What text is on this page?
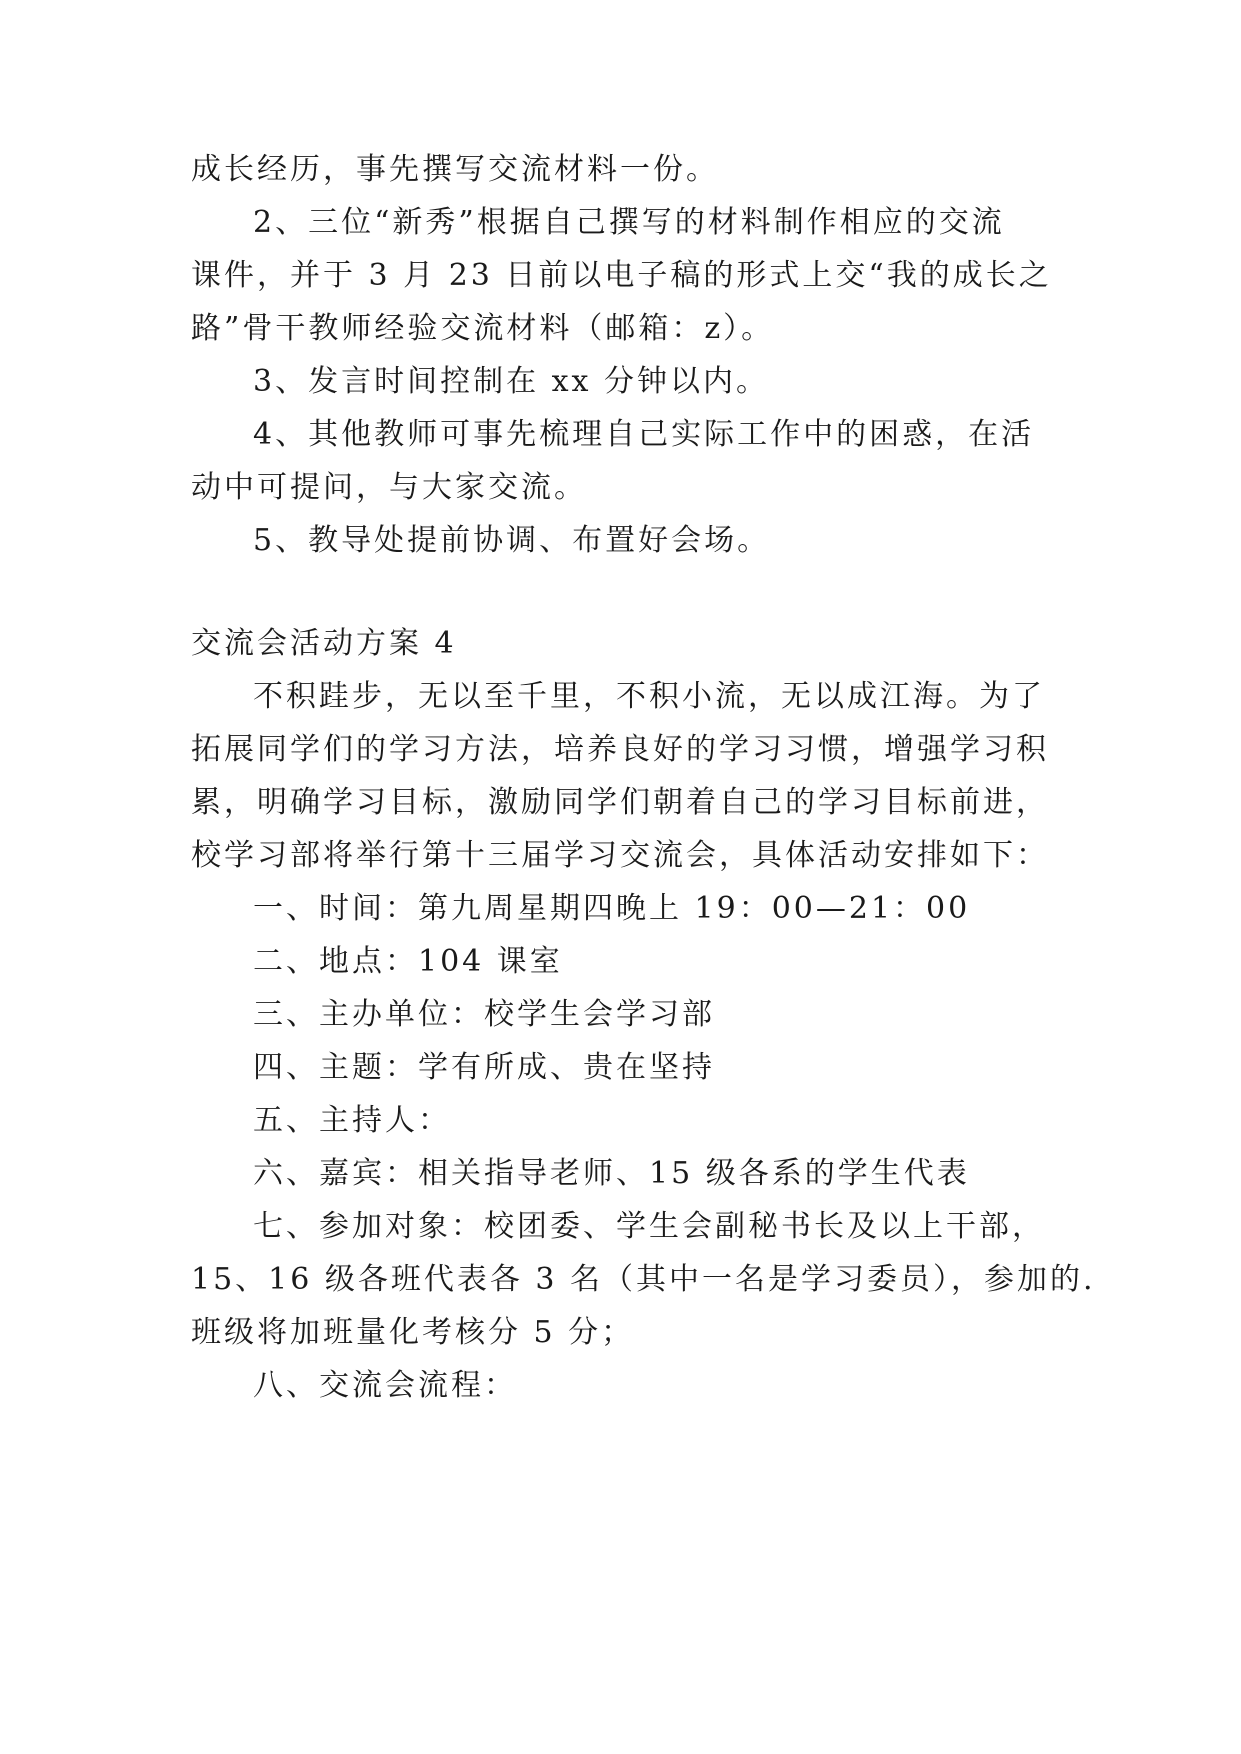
成长经历，事先撰写交流材料一份。
2、三位“新秀”根据自己撰写的材料制作相应的交流
课件，并于 3 月 23 日前以电子稿的形式上交“我的成长之
路”骨干教师经验交流材料（邮箱：z）。
3、发言时间控制在 xx 分钟以内。
4、其他教师可事先梳理自己实际工作中的困惑，在活
动中可提问，与大家交流。
5、教导处提前协调、布置好会场。
交流会活动方案 4
不积跬步，无以至千里，不积小流，无以成江海。为了
拓展同学们的学习方法，培养良好的学习习惯，增强学习积
累，明确学习目标，激励同学们朝着自己的学习目标前进，
校学习部将举行第十三届学习交流会，具体活动安排如下：
一、时间：第九周星期四晚上 19：00—21：00
二、地点：104 课室
三、主办单位：校学生会学习部
四、主题：学有所成、贵在坚持
五、主持人：
六、嘉宾：相关指导老师、15 级各系的学生代表
七、参加对象：校团委、学生会副秘书长及以上干部，
15、16 级各班代表各 3 名（其中一名是学习委员），参加的.
班级将加班量化考核分 5 分；
八、交流会流程：
